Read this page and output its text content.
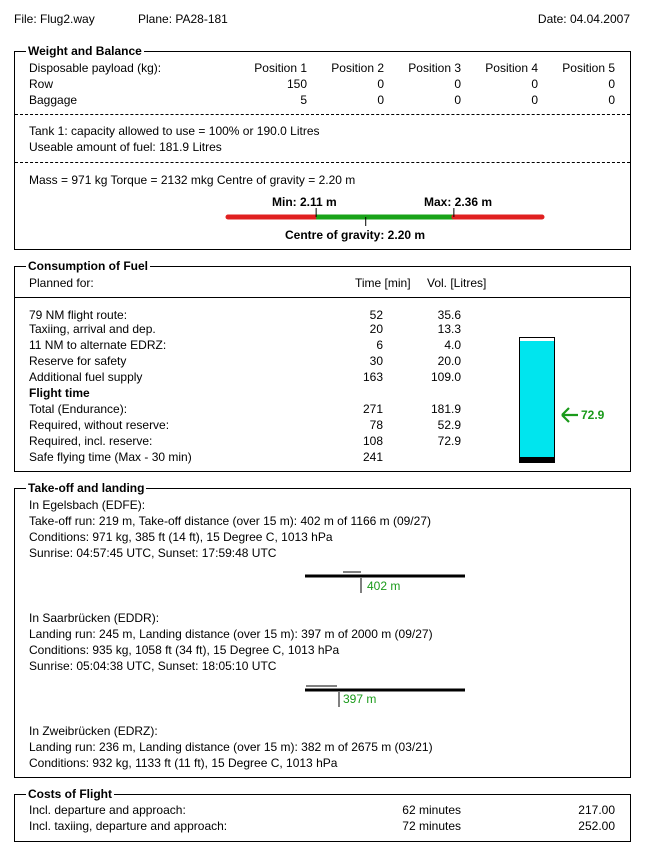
File: Flug2.way	Plane: PA28-181	Date: 04.04.2007
Weight and Balance
Disposable payload (kg):	Position 1 Position 2 Position 3 Position 4 Position 5
Row	150	0	0	0	0
Baggage	5	0	0	0	0
Tank 1: capacity allowed to use = 100% or 190.0 Litres
Useable amount of fuel: 181.9 Litres
Mass = 971 kg Torque = 2132 mkg Centre of gravity = 2.20 m
Min: 2.11 m	Max: 2.36 m
Centre of gravity: 2.20 m
Consumption of Fuel
Planned for:	Time [min] Vol. [Litres]
79 NM flight route:	52	35.6
Taxiing, arrival and dep.	20	13.3
11 NM to alternate EDRZ:	6	4.0
Reserve for safety	30	20.0
Additional fuel supply	163	109.0
Flight time
Total (Endurance):	271	181.9
Required, without reserve:	78	52.9
Required, incl. reserve:	108	72.9
Safe flying time (Max - 30 min)	241
72.9
Take-off and landing
In Egelsbach (EDFE):
Take-off run: 219 m, Take-off distance (over 15 m): 402 m of 1166 m (09/27)
Conditions: 971 kg, 385 ft (14 ft), 15 Degree C, 1013 hPa
Sunrise: 04:57:45 UTC, Sunset: 17:59:48 UTC
402 m
In Saarbrücken (EDDR):
Landing run: 245 m, Landing distance (over 15 m): 397 m of 2000 m (09/27)
Conditions: 935 kg, 1058 ft (34 ft), 15 Degree C, 1013 hPa
Sunrise: 05:04:38 UTC, Sunset: 18:05:10 UTC
397 m
In Zweibrücken (EDRZ):
Landing run: 236 m, Landing distance (over 15 m): 382 m of 2675 m (03/21)
Conditions: 932 kg, 1133 ft (11 ft), 15 Degree C, 1013 hPa
Costs of Flight
Incl. departure and approach:	62 minutes	217.00
Incl. taxiing, departure and approach:	72 minutes	252.00
